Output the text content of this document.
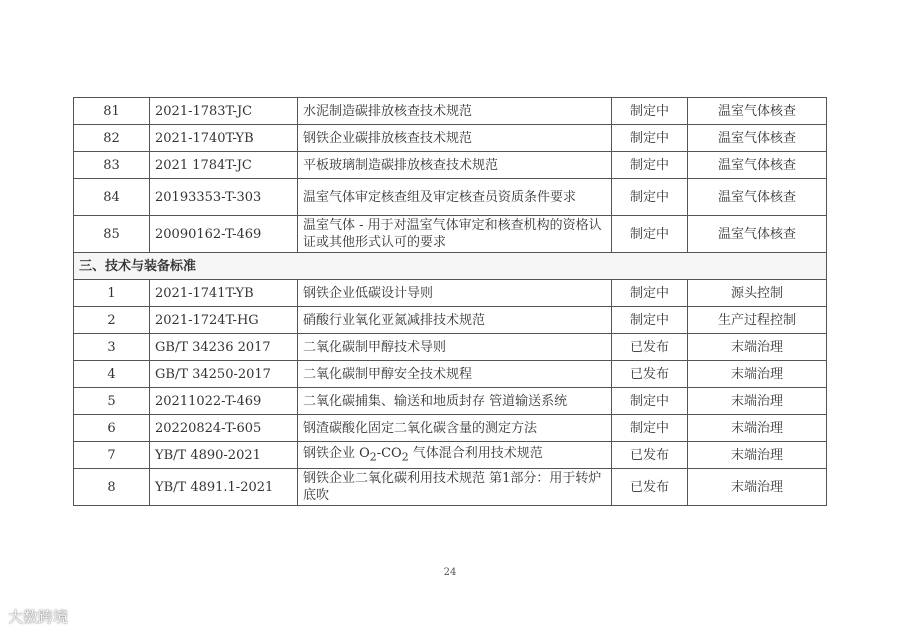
81	2021-1783T-JC	水泥制造碳排放核查技术规范	制定中	温室气体核查
82	2021-1740T-YB	钢铁企业碳排放核查技术规范	制定中	温室气体核查
83	2021 1784T-JC	平板玻璃制造碳排放核查技术规范	制定中	温室气体核查
84	20193353-T-303	温室气体审定核查组及审定核查员资质条件要求	制定中	温室气体核查
85	20090162-T-469	温室气体 - 用于对温室气体审定和核查机构的资格认证或其他形式认可的要求	制定中	温室气体核查
三、技术与装备标准				
1	2021-1741T-YB	钢铁企业低碳设计导则	制定中	源头控制
2	2021-1724T-HG	硝酸行业氧化亚氮减排技术规范	制定中	生产过程控制
3	GB/T 34236 2017	二氧化碳制甲醇技术导则	已发布	末端治理
4	GB/T 34250-2017	二氧化碳制甲醇安全技术规程	已发布	末端治理
5	20211022-T-469	二氧化碳捕集、输送和地质封存 管道输送系统	制定中	末端治理
6	20220824-T-605	钢渣碳酸化固定二氧化碳含量的测定方法	制定中	末端治理
7	YB/T 4890-2021	钢铁企业 $O_2-CO_2$ 气体混合利用技术规范	已发布	末端治理
8	YB/T 4891.1-2021	钢铁企业二氧化碳利用技术规范 第1部分：用于转炉底吹	已发布	末端治理
24
大数跨境
